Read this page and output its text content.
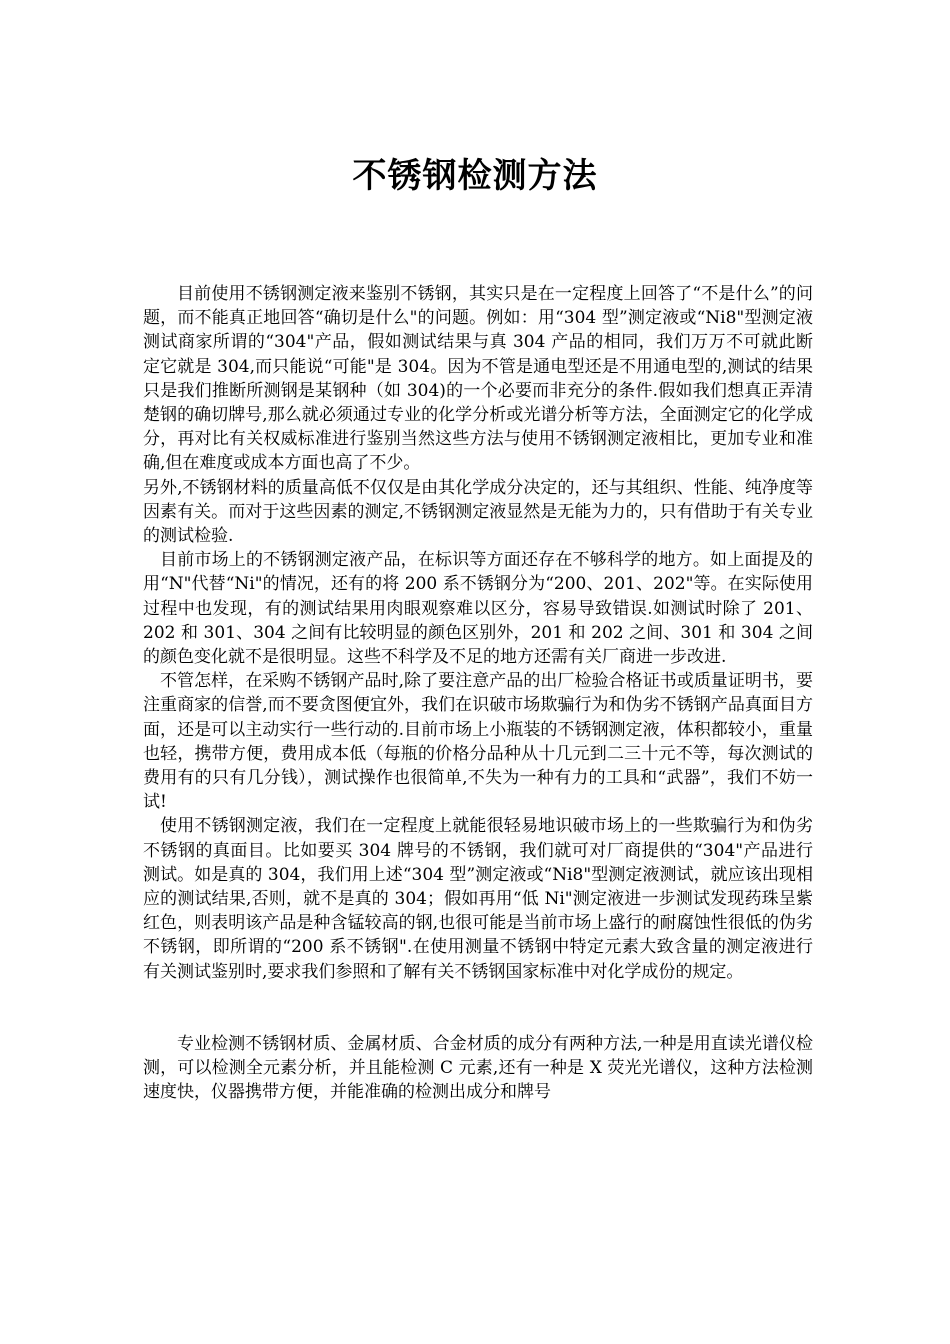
不锈钢检测方法

目前使用不锈钢测定液来鉴别不锈钢，其实只是在一定程度上回答了“不是什么”的问题，而不能真正地回答“确切是什么"的问题。例如：用“304 型”测定液或“Ni8"型测定液测试商家所谓的“304"产品，假如测试结果与真 304 产品的相同，我们万万不可就此断定它就是 304,而只能说“可能"是 304。因为不管是通电型还是不用通电型的,测试的结果只是我们推断所测钢是某钢种（如 304)的一个必要而非充分的条件.假如我们想真正弄清楚钢的确切牌号,那么就必须通过专业的化学分析或光谱分析等方法，全面测定它的化学成分，再对比有关权威标准进行鉴别当然这些方法与使用不锈钢测定液相比，更加专业和准确,但在难度或成本方面也高了不少。

另外,不锈钢材料的质量高低不仅仅是由其化学成分决定的，还与其组织、性能、纯净度等因素有关。而对于这些因素的测定,不锈钢测定液显然是无能为力的，只有借助于有关专业的测试检验.

目前市场上的不锈钢测定液产品，在标识等方面还存在不够科学的地方。如上面提及的用“N"代替“Ni"的情况，还有的将 200 系不锈钢分为“200、201、202"等。在实际使用过程中也发现，有的测试结果用肉眼观察难以区分，容易导致错误.如测试时除了 201、202 和 301、304 之间有比较明显的颜色区别外，201 和 202 之间、301 和 304 之间的颜色变化就不是很明显。这些不科学及不足的地方还需有关厂商进一步改进.

不管怎样，在采购不锈钢产品时,除了要注意产品的出厂检验合格证书或质量证明书，要注重商家的信誉,而不要贪图便宜外，我们在识破市场欺骗行为和伪劣不锈钢产品真面目方面，还是可以主动实行一些行动的.目前市场上小瓶装的不锈钢测定液，体积都较小，重量也轻，携带方便，费用成本低（每瓶的价格分品种从十几元到二三十元不等，每次测试的费用有的只有几分钱），测试操作也很简单,不失为一种有力的工具和“武器”，我们不妨一试!

使用不锈钢测定液，我们在一定程度上就能很轻易地识破市场上的一些欺骗行为和伪劣不锈钢的真面目。比如要买 304 牌号的不锈钢，我们就可对厂商提供的“304"产品进行测试。如是真的 304，我们用上述“304 型”测定液或“Ni8"型测定液测试，就应该出现相应的测试结果,否则，就不是真的 304；假如再用“低 Ni"测定液进一步测试发现药珠呈紫红色，则表明该产品是种含锰较高的钢,也很可能是当前市场上盛行的耐腐蚀性很低的伪劣不锈钢，即所谓的“200 系不锈钢".在使用测量不锈钢中特定元素大致含量的测定液进行有关测试鉴别时,要求我们参照和了解有关不锈钢国家标准中对化学成份的规定。

专业检测不锈钢材质、金属材质、合金材质的成分有两种方法,一种是用直读光谱仪检测，可以检测全元素分析，并且能检测 C 元素,还有一种是 X 荧光光谱仪，这种方法检测速度快，仪器携带方便，并能准确的检测出成分和牌号
